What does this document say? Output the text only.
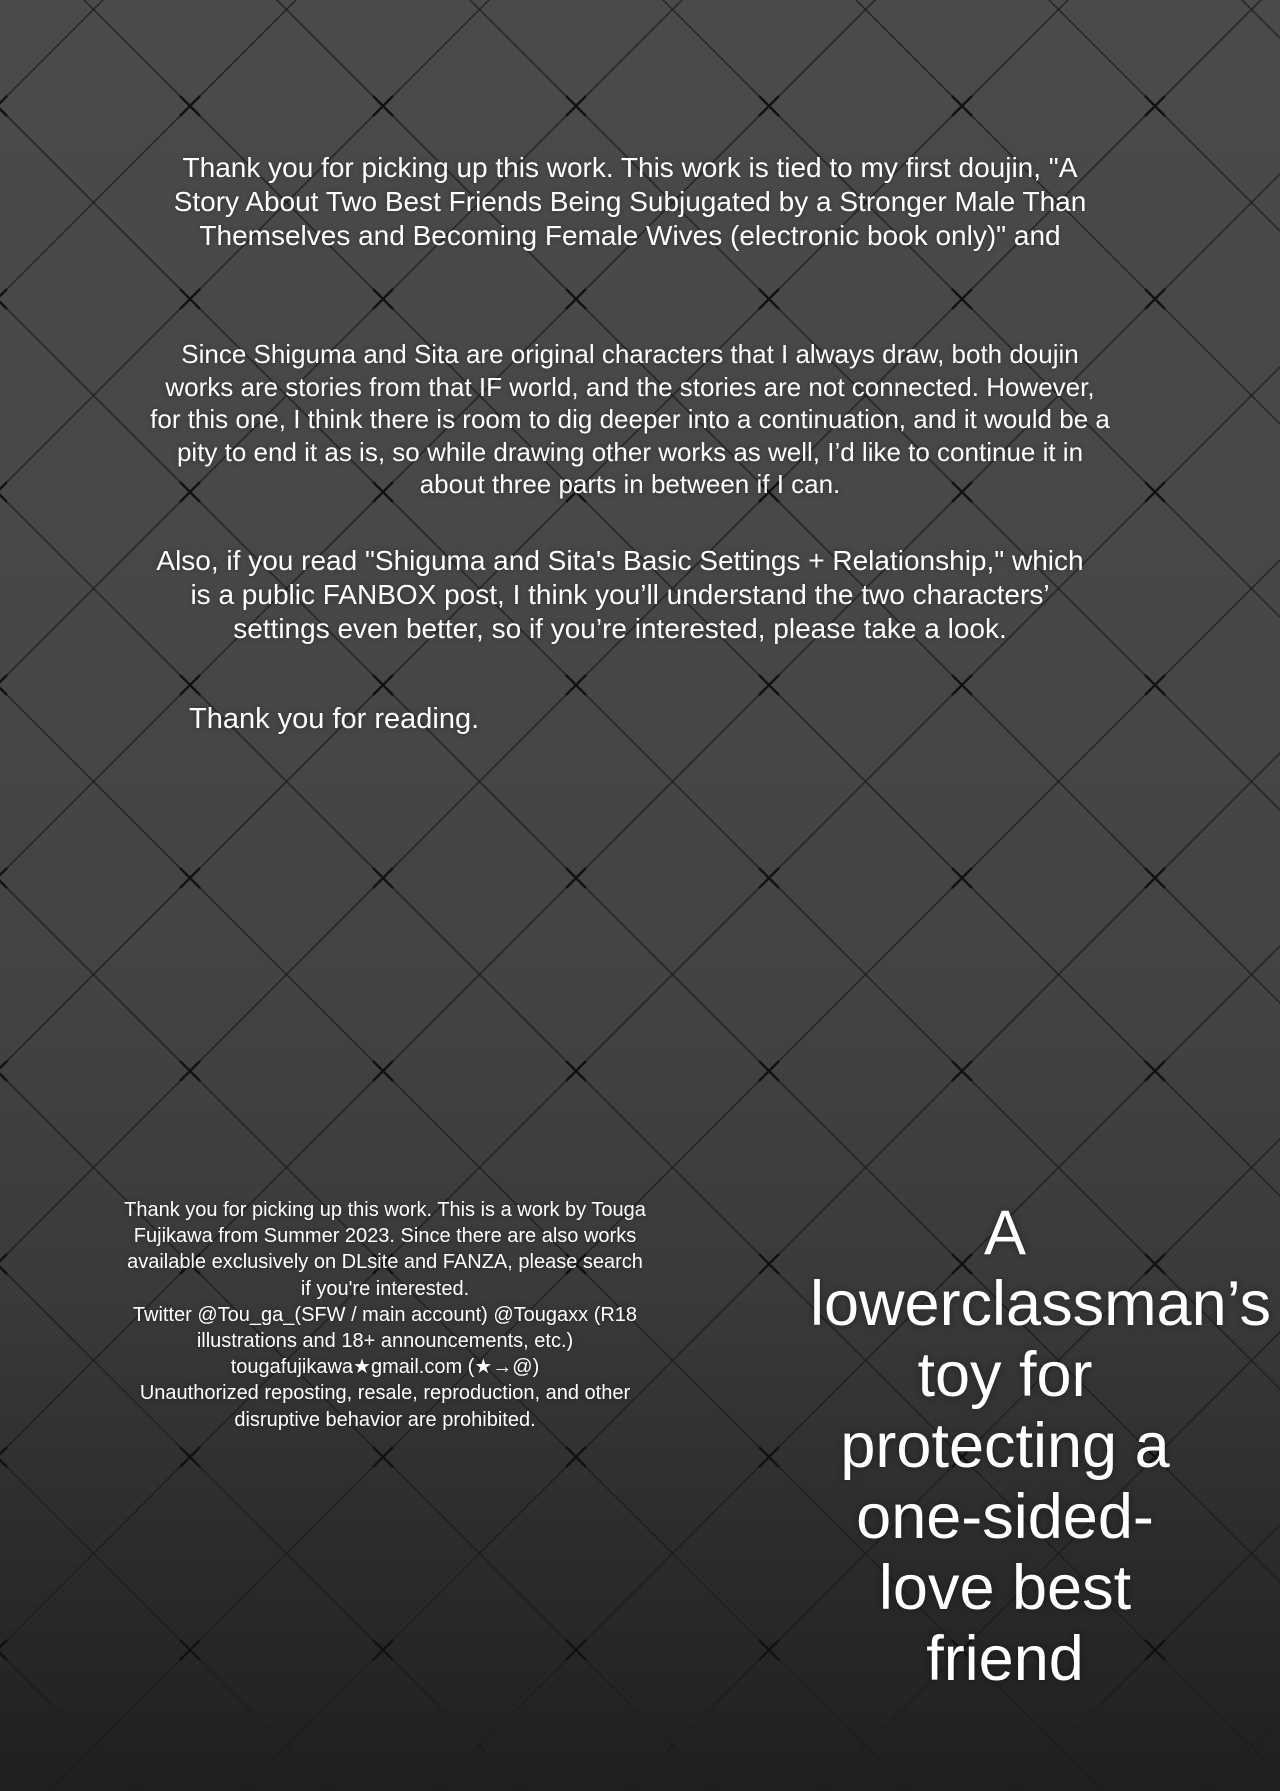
Thank you for picking up this work. This work is tied to my first doujin, "A Story About Two Best Friends Being Subjugated by a Stronger Male Than Themselves and Becoming Female Wives (electronic book only)" and
Since Shiguma and Sita are original characters that I always draw, both doujin works are stories from that IF world, and the stories are not connected. However, for this one, I think there is room to dig deeper into a continuation, and it would be a pity to end it as is, so while drawing other works as well, I’d like to continue it in about three parts in between if I can.
Also, if you read "Shiguma and Sita's Basic Settings + Relationship," which is a public FANBOX post, I think you’ll understand the two characters’ settings even better, so if you’re interested, please take a look.
Thank you for reading.
Thank you for picking up this work. This is a work by Touga Fujikawa from Summer 2023. Since there are also works available exclusively on DLsite and FANZA, please search if you're interested.
Twitter @Tou_ga_(SFW / main account) @Tougaxx (R18 illustrations and 18+ announcements, etc.)
tougafujikawa★gmail.com (★→@)
Unauthorized reposting, resale, reproduction, and other disruptive behavior are prohibited.
A lowerclassman’s toy for protecting a one-sided-love best friend
